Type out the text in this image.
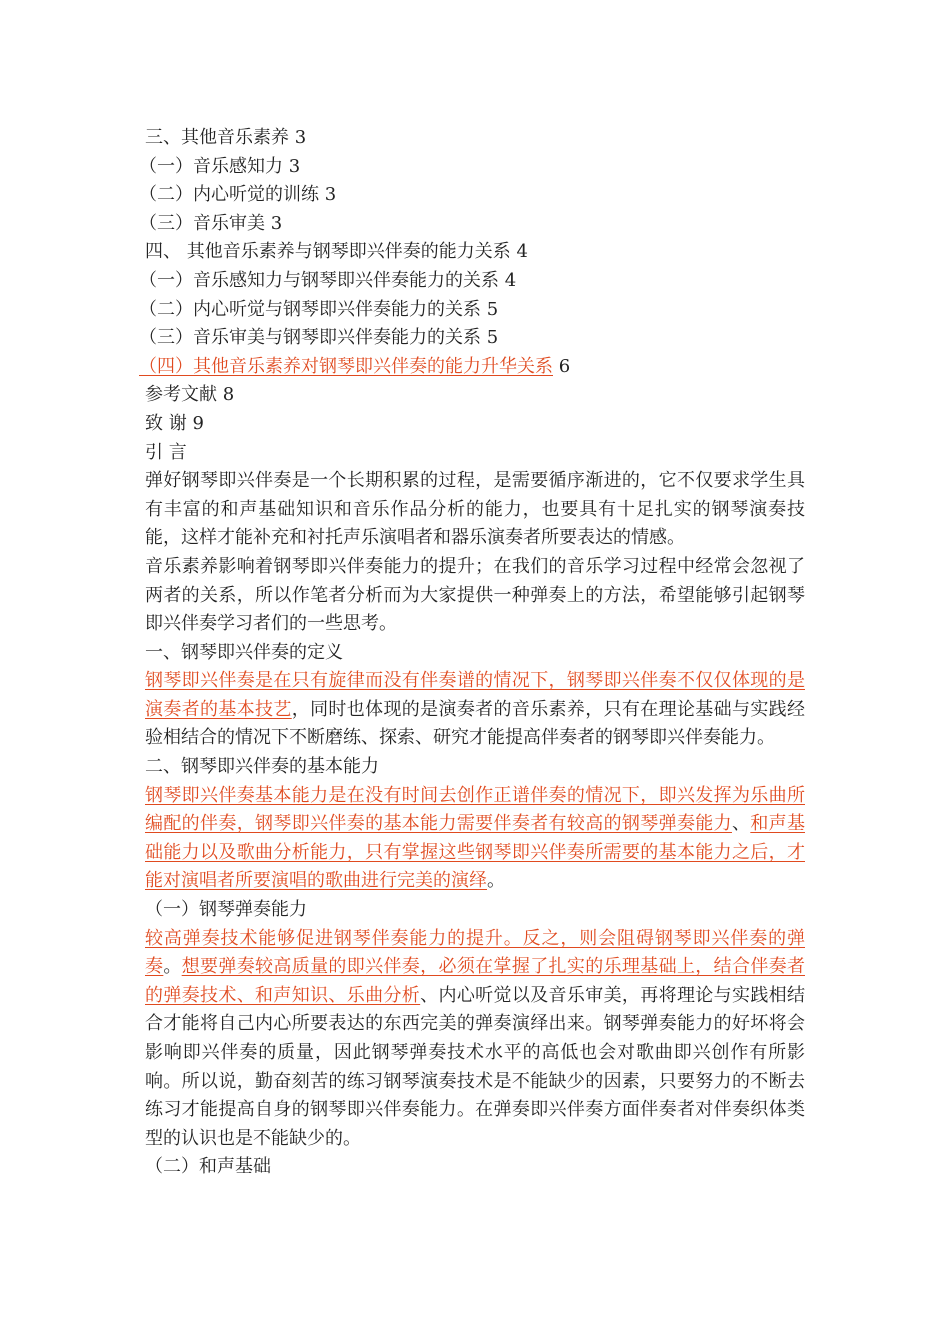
三、其他音乐素养 3
（一）音乐感知力 3
（二）内心听觉的训练 3
（三）音乐审美 3
四、 其他音乐素养与钢琴即兴伴奏的能力关系 4
（一）音乐感知力与钢琴即兴伴奏能力的关系 4
（二）内心听觉与钢琴即兴伴奏能力的关系 5
（三）音乐审美与钢琴即兴伴奏能力的关系 5
（四）其他音乐素养对钢琴即兴伴奏的能力升华关系 6
参考文献 8
致 谢 9
引 言

弹好钢琴即兴伴奏是一个长期积累的过程，是需要循序渐进的，它不仅要求学生具有丰富的和声基础知识和音乐作品分析的能力，也要具有十足扎实的钢琴演奏技能，这样才能补充和衬托声乐演唱者和器乐演奏者所要表达的情感。

音乐素养影响着钢琴即兴伴奏能力的提升；在我们的音乐学习过程中经常会忽视了两者的关系，所以作笔者分析而为大家提供一种弹奏上的方法，希望能够引起钢琴即兴伴奏学习者们的一些思考。

一、钢琴即兴伴奏的定义

钢琴即兴伴奏是在只有旋律而没有伴奏谱的情况下，钢琴即兴伴奏不仅仅体现的是演奏者的基本技艺，同时也体现的是演奏者的音乐素养，只有在理论基础与实践经验相结合的情况下不断磨练、探索、研究才能提高伴奏者的钢琴即兴伴奏能力。

二、钢琴即兴伴奏的基本能力

钢琴即兴伴奏基本能力是在没有时间去创作正谱伴奏的情况下，即兴发挥为乐曲所编配的伴奏，钢琴即兴伴奏的基本能力需要伴奏者有较高的钢琴弹奏能力、和声基础能力以及歌曲分析能力，只有掌握这些钢琴即兴伴奏所需要的基本能力之后，才能对演唱者所要演唱的歌曲进行完美的演绎。

（一）钢琴弹奏能力

较高弹奏技术能够促进钢琴伴奏能力的提升。反之，则会阻碍钢琴即兴伴奏的弹奏。想要弹奏较高质量的即兴伴奏，必须在掌握了扎实的乐理基础上，结合伴奏者的弹奏技术、和声知识、乐曲分析、内心听觉以及音乐审美，再将理论与实践相结合才能将自己内心所要表达的东西完美的弹奏演绎出来。钢琴弹奏能力的好坏将会影响即兴伴奏的质量，因此钢琴弹奏技术水平的高低也会对歌曲即兴创作有所影响。所以说，勤奋刻苦的练习钢琴演奏技术是不能缺少的因素，只要努力的不断去练习才能提高自身的钢琴即兴伴奏能力。在弹奏即兴伴奏方面伴奏者对伴奏织体类型的认识也是不能缺少的。

（二）和声基础
